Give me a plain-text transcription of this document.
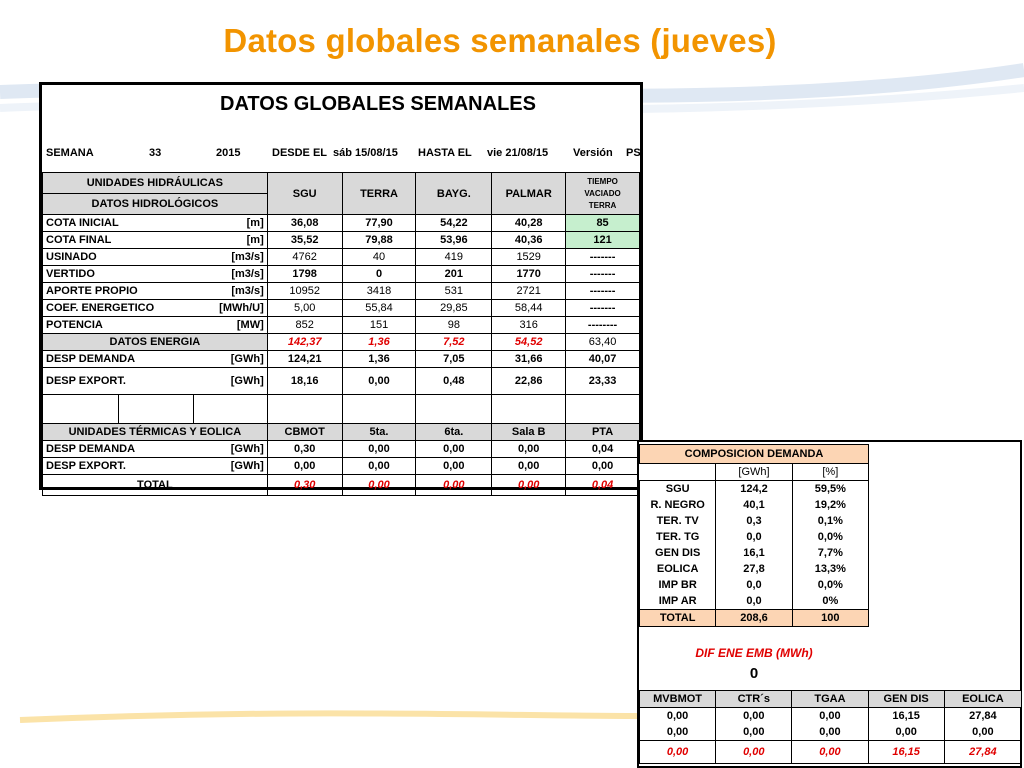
Datos globales semanales (jueves)
DATOS GLOBALES SEMANALES
SEMANA	33	2015	DESDE EL sáb 15/08/15 HASTA EL vie 21/08/15 Versión PS
UNIDADES HIDRÁULICAS			SGU	TERRA	BAYG.	PALMAR	TIEMPO
VACIADO
TERRA
DATOS HIDROLÓGICOS							
COTA INICIAL		[m]	36,08	77,90	54,22	40,28	85
COTA FINAL		[m]	35,52	79,88	53,96	40,36	121
USINADO		[m3/s]	4762	40	419	1529	-------
VERTIDO		[m3/s]	1798	0	201	1770	-------
APORTE PROPIO		[m3/s]	10952	3418	531	2721	-------
COEF. ENERGETICO		[MWh/U]	5,00	55,84	29,85	58,44	-------
POTENCIA		[MW]	852	151	98	316	--------
DATOS ENERGIA			142,37	1,36	7,52	54,52	63,40
DESP DEMANDA		[GWh]	124,21	1,36	7,05	31,66	40,07
DESP EXPORT.		[GWh]	18,16	0,00	0,48	22,86	23,33

UNIDADES TÉRMICAS Y EOLICA			CBMOT	5ta.	6ta.	Sala B	PTA
DESP DEMANDA		[GWh]	0,30	0,00	0,00	0,00	0,04
DESP EXPORT.		[GWh]	0,00	0,00	0,00	0,00	0,00
TOTAL			0,30	0,00	0,00	0,00	0,04
COMPOSICION DEMANDA		
	[GWh]	[%]
SGU	124,2	59,5%
R. NEGRO	40,1	19,2%
TER. TV	0,3	0,1%
TER. TG	0,0	0,0%
GEN DIS	16,1	7,7%
EOLICA	27,8	13,3%
IMP BR	0,0	0,0%
IMP AR	0,0	0%
TOTAL	208,6	100
DIF ENE EMB (MWh)
0
MVBMOT	CTR´s	TGAA	GEN DIS	EOLICA
0,00	0,00	0,00	16,15	27,84
0,00	0,00	0,00	0,00	0,00
0,00	0,00	0,00	16,15	27,84
